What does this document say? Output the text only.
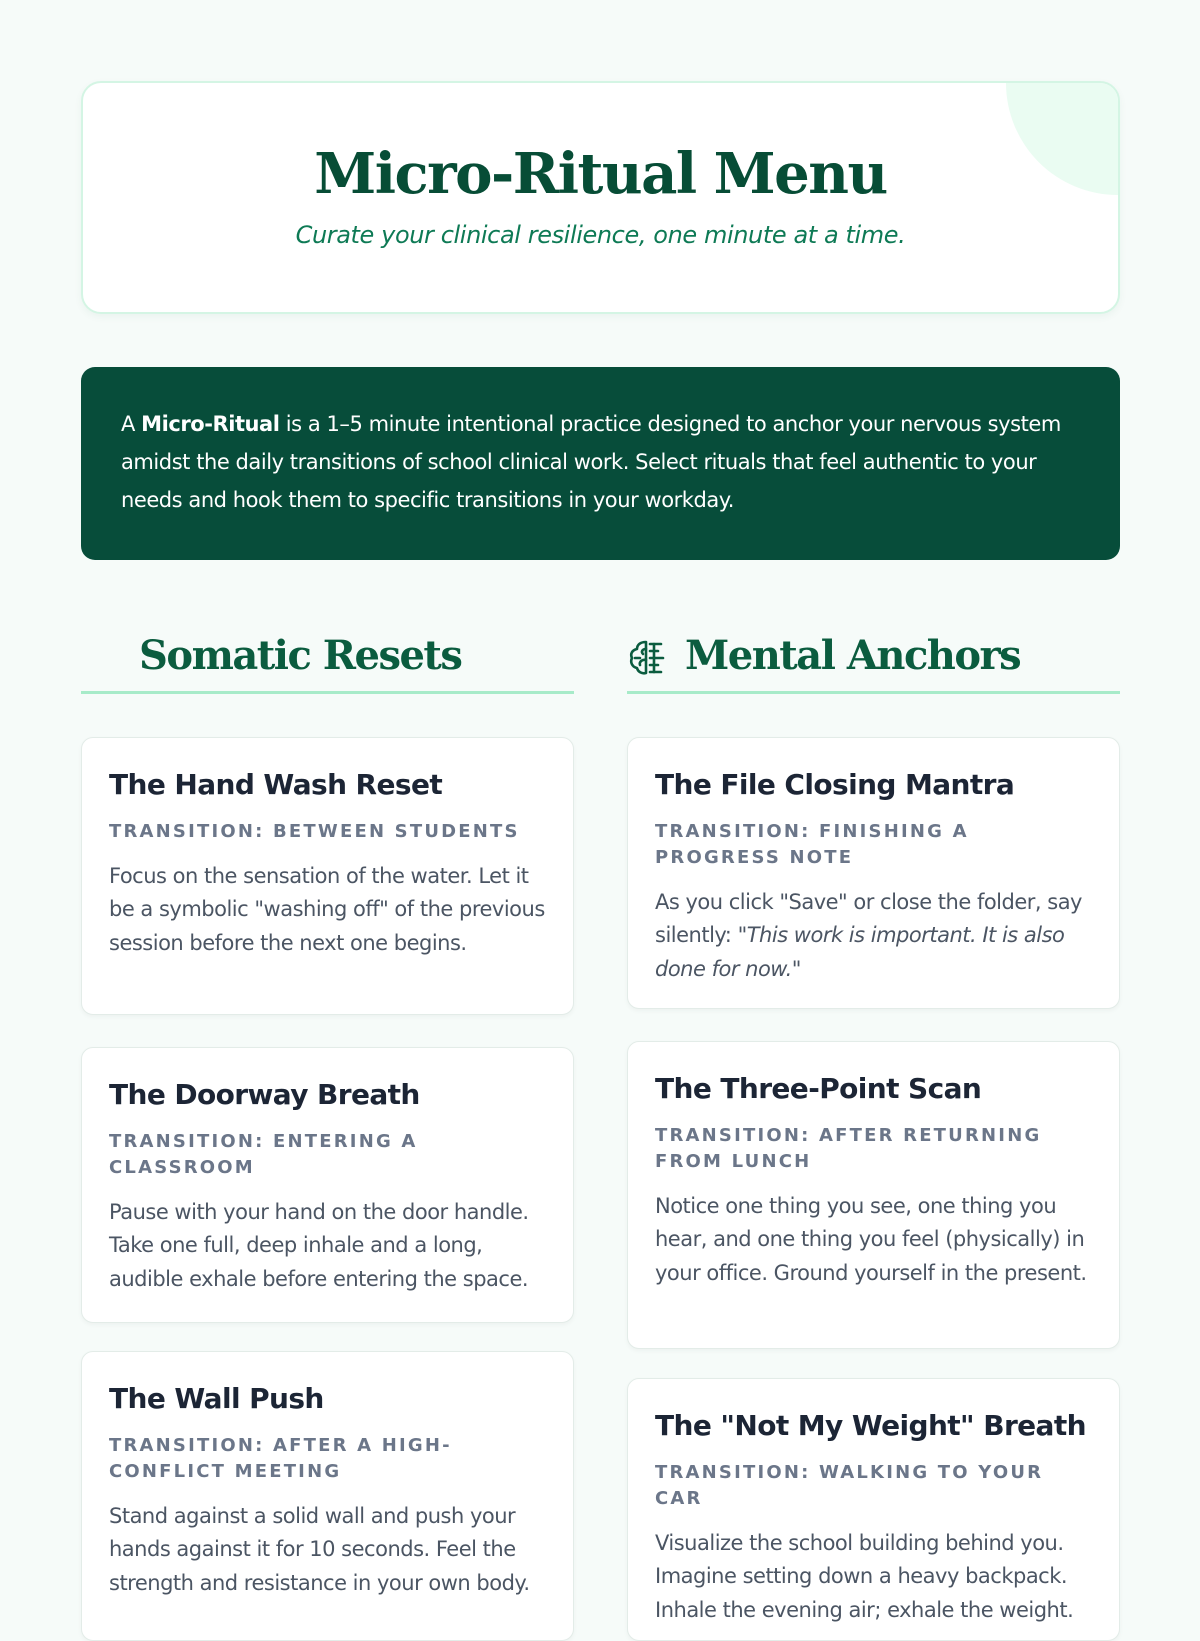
Micro-Ritual Menu

Curate your clinical resilience, one minute at a time.

A Micro-Ritual is a 1–5 minute intentional practice designed to anchor your nervous system amidst the daily transitions of school clinical work. Select rituals that feel authentic to your needs and hook them to specific transitions in your workday.

Somatic Resets
The Hand Wash Reset
TRANSITION: BETWEEN STUDENTS
Focus on the sensation of the water. Let it be a symbolic "washing off" of the previous session before the next one begins.
The Doorway Breath
TRANSITION: ENTERING A CLASSROOM
Pause with your hand on the door handle. Take one full, deep inhale and a long, audible exhale before entering the space.
The Wall Push
TRANSITION: AFTER A HIGH-CONFLICT MEETING
Stand against a solid wall and push your hands against it for 10 seconds. Feel the strength and resistance in your own body.
Mental Anchors
The File Closing Mantra
TRANSITION: FINISHING A PROGRESS NOTE
As you click "Save" or close the folder, say silently: "This work is important. It is also done for now."
The Three-Point Scan
TRANSITION: AFTER RETURNING FROM LUNCH
Notice one thing you see, one thing you hear, and one thing you feel (physically) in your office. Ground yourself in the present.
The "Not My Weight" Breath
TRANSITION: WALKING TO YOUR CAR
Visualize the school building behind you. Imagine setting down a heavy backpack. Inhale the evening air; exhale the weight.
